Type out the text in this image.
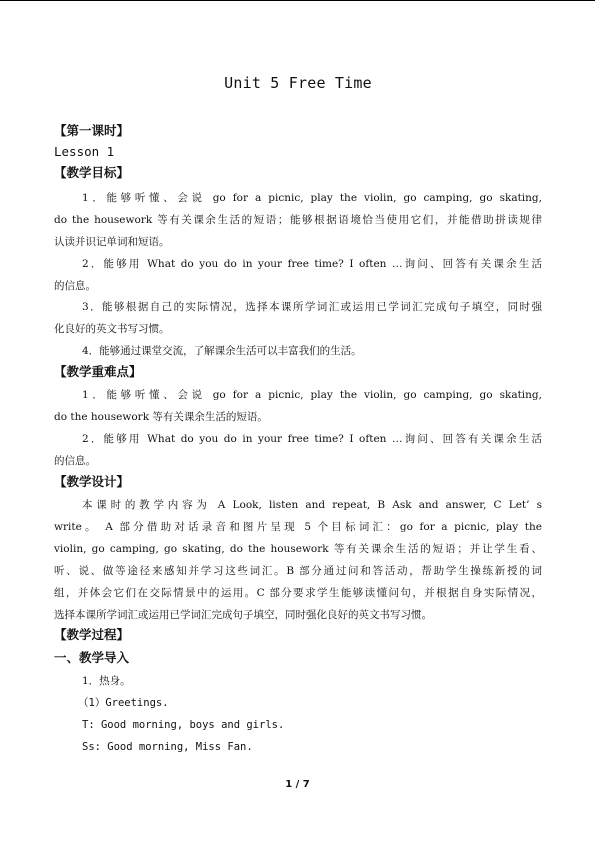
Unit 5 Free Time
【第一课时】
Lesson 1
【教学目标】
1．能够听懂、会说 go for a picnic, play the violin, go camping, go skating,
do the housework 等有关课余生活的短语；能够根据语境恰当使用它们，并能借助拼读规律
认读并识记单词和短语。
2．能够用 What do you do in your free time? I often …询问、回答有关课余生活
的信息。
3．能够根据自己的实际情况，选择本课所学词汇或运用已学词汇完成句子填空，同时强
化良好的英文书写习惯。
4．能够通过课堂交流，了解课余生活可以丰富我们的生活。
【教学重难点】
1．能够听懂、会说 go for a picnic, play the violin, go camping, go skating,
do the housework 等有关课余生活的短语。
2．能够用 What do you do in your free time? I often …询问、回答有关课余生活
的信息。
【教学设计】
本课时的教学内容为 A Look, listen and repeat, B Ask and answer, C Let’ s
write。 A 部分借助对话录音和图片呈现 5 个目标词汇：go for a picnic, play the
violin, go camping, go skating, do the housework 等有关课余生活的短语；并让学生看、
听、说、做等途径来感知并学习这些词汇。B 部分通过问和答活动，帮助学生操练新授的词
组，并体会它们在交际情景中的运用。C 部分要求学生能够读懂问句，并根据自身实际情况，
选择本课所学词汇或运用已学词汇完成句子填空，同时强化良好的英文书写习惯。
【教学过程】
一、教学导入
1．热身。
（1）Greetings.
T: Good morning, boys and girls.
Ss: Good morning, Miss Fan.
1 / 7
